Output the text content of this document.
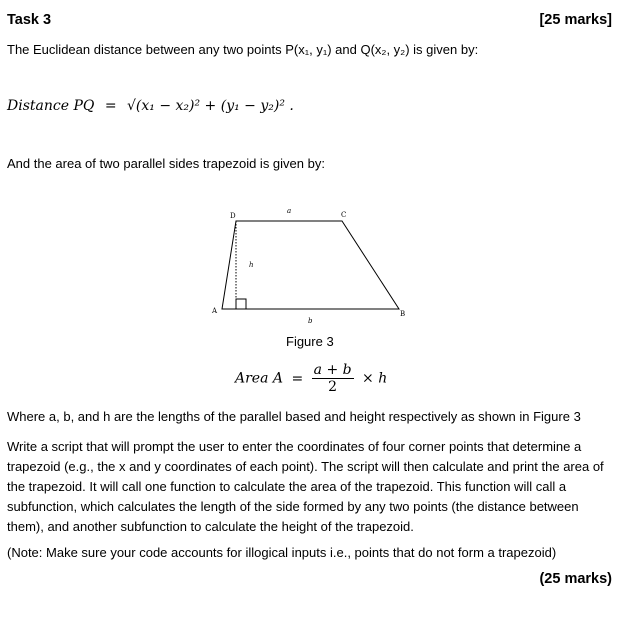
Task 3	[25 marks]
The Euclidean distance between any two points P(x₁, y₁) and Q(x₂, y₂) is given by:
Distance PQ = √(x₁ − x₂)² + (y₁ − y₂)² .
And the area of two parallel sides trapezoid is given by:
D
a	C
h
A	B
b
Figure 3
Area $A = \frac{a + b}{2} \times h$
Where a, b, and h are the lengths of the parallel based and height respectively as shown in Figure 3
Write a script that will prompt the user to enter the coordinates of four corner points that determine a trapezoid (e.g., the x and y coordinates of each point). The script will then calculate and print the area of the trapezoid. It will call one function to calculate the area of the trapezoid. This function will call a subfunction, which calculates the length of the side formed by any two points (the distance between them), and another subfunction to calculate the height of the trapezoid.
(Note: Make sure your code accounts for illogical inputs i.e., points that do not form a trapezoid)
(25 marks)
